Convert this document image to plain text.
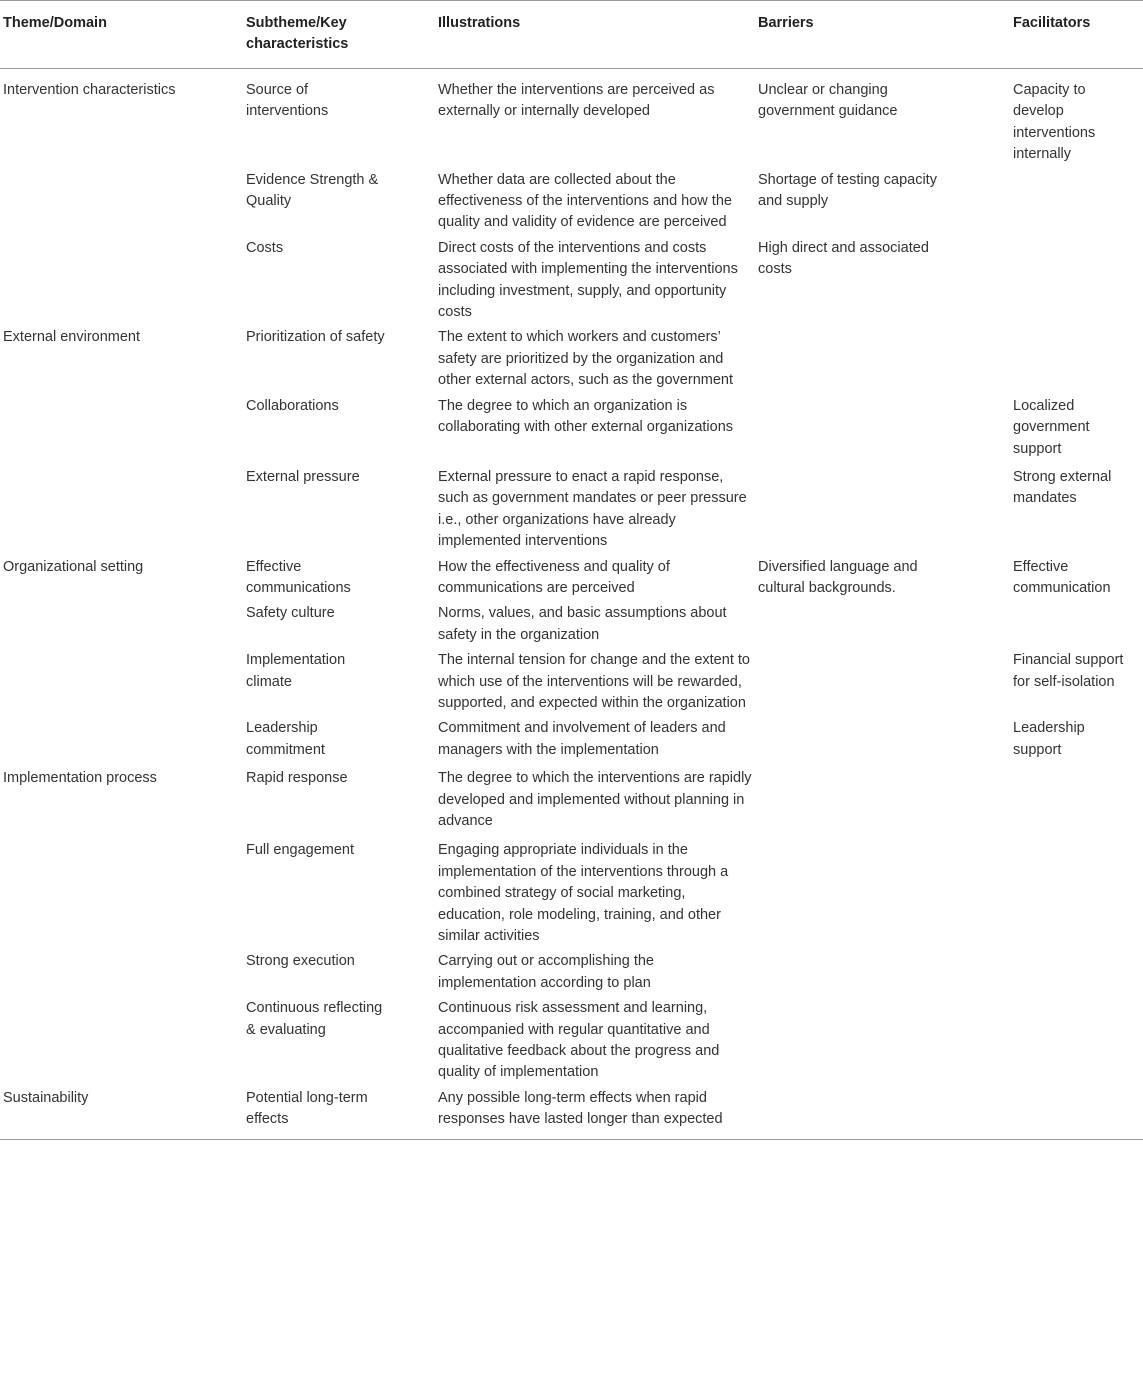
Theme/Domain	Subtheme/Key characteristics	Illustrations	Barriers	Facilitators
Intervention characteristics	Source of interventions	Whether the interventions are perceived as externally or internally developed	Unclear or changing government guidance	Capacity to develop interventions internally
	Evidence Strength & Quality	Whether data are collected about the effectiveness of the interventions and how the quality and validity of evidence are perceived	Shortage of testing capacity and supply	
	Costs	Direct costs of the interventions and costs associated with implementing the interventions including investment, supply, and opportunity costs	High direct and associated costs	
External environment	Prioritization of safety	The extent to which workers and customers’ safety are prioritized by the organization and other external actors, such as the government		
	Collaborations	The degree to which an organization is collaborating with other external organizations		Localized government support
	External pressure	External pressure to enact a rapid response, such as government mandates or peer pressure i.e., other organizations have already implemented interventions		Strong external mandates
Organizational setting	Effective communications	How the effectiveness and quality of communications are perceived	Diversified language and cultural backgrounds.	Effective communication
	Safety culture	Norms, values, and basic assumptions about safety in the organization		
	Implementation climate	The internal tension for change and the extent to which use of the interventions will be rewarded, supported, and expected within the organization		Financial support for self-isolation
	Leadership commitment	Commitment and involvement of leaders and managers with the implementation		Leadership support
Implementation process	Rapid response	The degree to which the interventions are rapidly developed and implemented without planning in advance		
	Full engagement	Engaging appropriate individuals in the implementation of the interventions through a combined strategy of social marketing, education, role modeling, training, and other similar activities		
	Strong execution	Carrying out or accomplishing the implementation according to plan		
	Continuous reflecting & evaluating	Continuous risk assessment and learning, accompanied with regular quantitative and qualitative feedback about the progress and quality of implementation		
Sustainability	Potential long-term effects	Any possible long-term effects when rapid responses have lasted longer than expected		
